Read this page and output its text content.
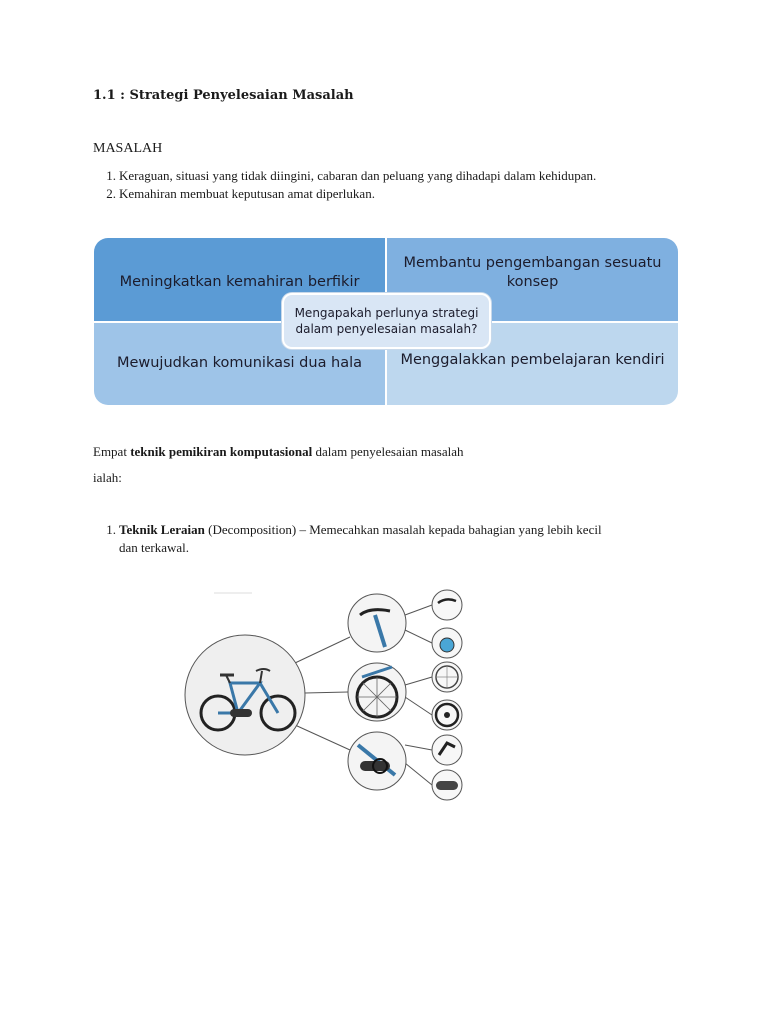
1.1 : Strategi Penyelesaian Masalah
MASALAH
1. Keraguan, situasi yang tidak diingini, cabaran dan peluang yang dihadapi dalam kehidupan.
2. Kemahiran membuat keputusan amat diperlukan.
Meningkatkan kemahiran berfikir
Membantu pengembangan sesuatu konsep
Mewujudkan komunikasi dua hala	Menggalakkan pembelajaran kendiri
Mengapakah perlunya strategi dalam penyelesaian masalah?
Empat teknik pemikiran komputasional dalam penyelesaian masalah
ialah:
1. Teknik Leraian (Decomposition) – Memecahkan masalah kepada bahagian yang lebih kecil
dan terkawal.
